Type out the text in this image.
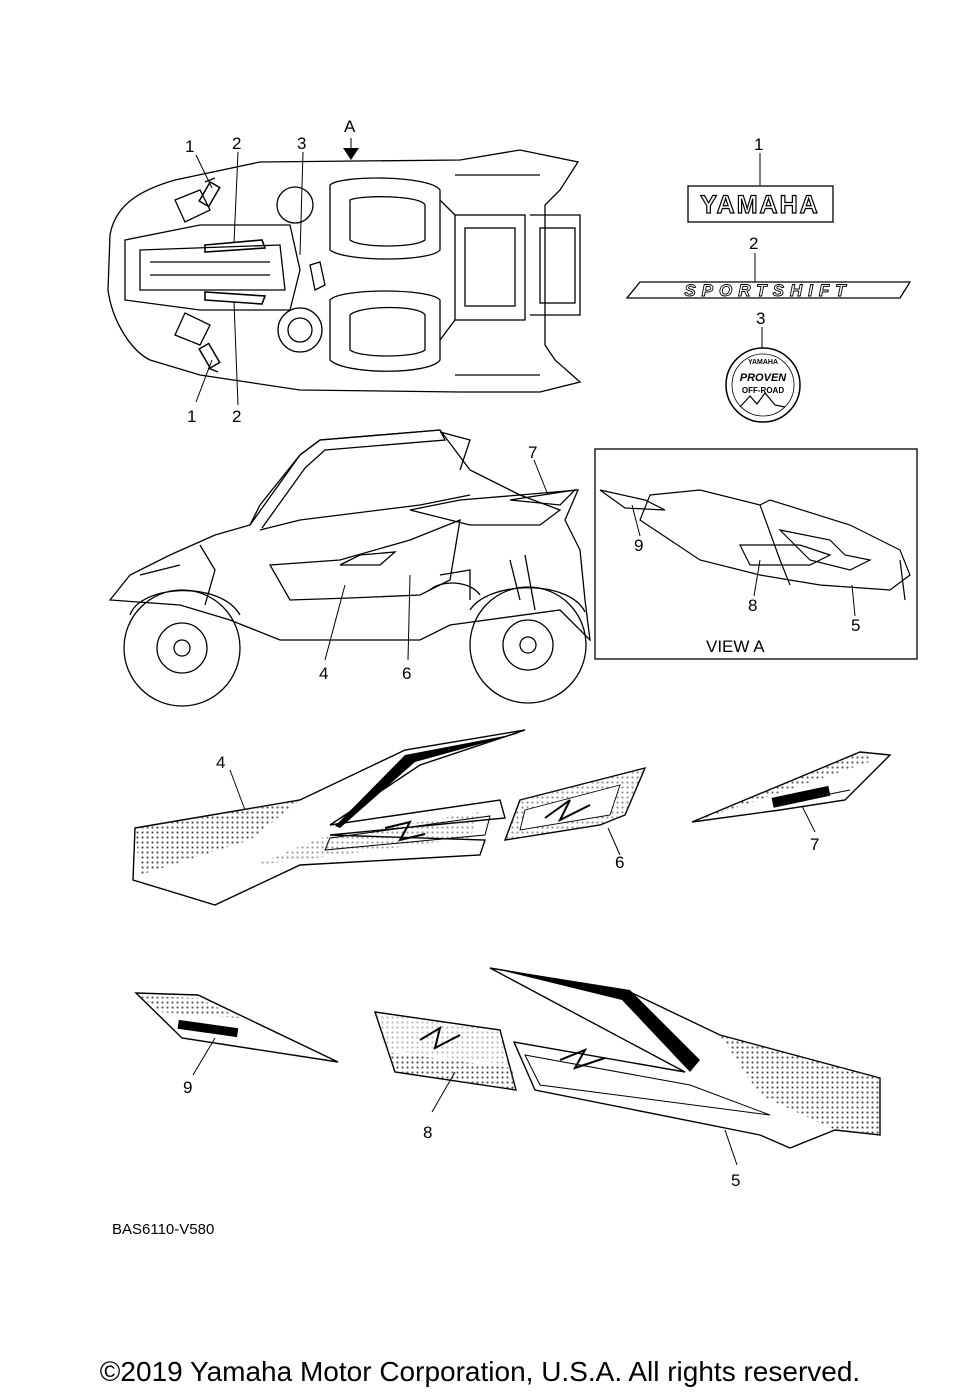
1 2	3
A
1 2
1
YAMAHA
2
SPORTSHIFT
3
YAMAHA
PROVEN
OFF-ROAD
7
4	6
9
8
5
VIEW A
4
6
7
9
8
5
BAS6110-V580
©2019 Yamaha Motor Corporation, U.S.A. All rights reserved.
